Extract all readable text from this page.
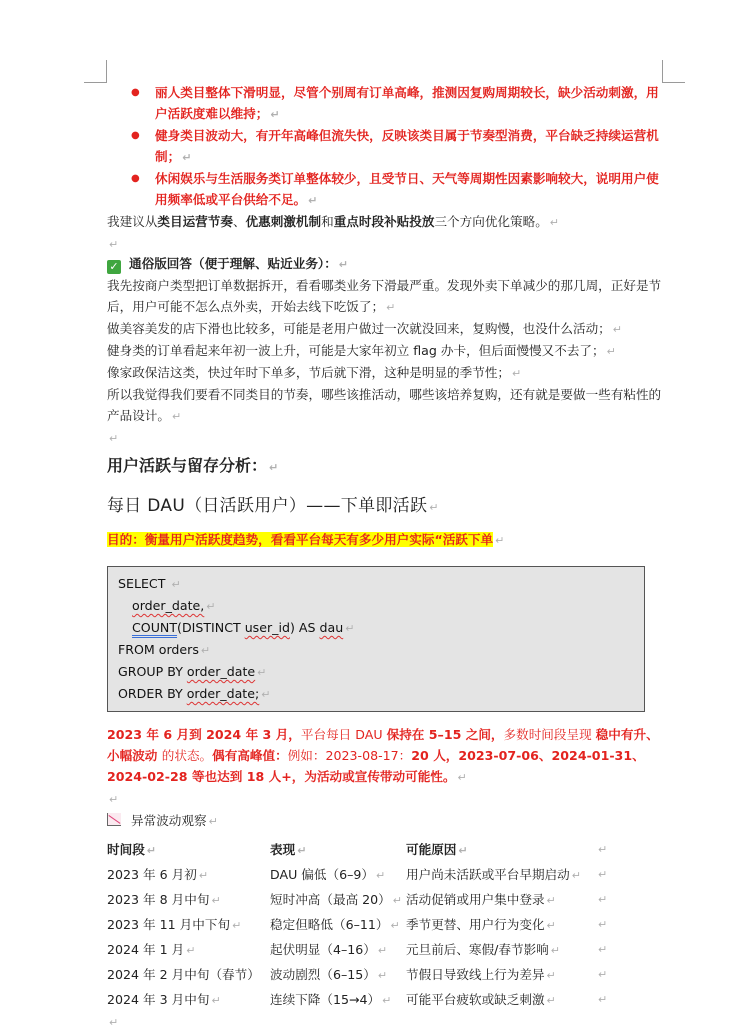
● 丽人类目整体下滑明显，尽管个别周有订单高峰，推测因复购周期较长，缺少活动刺激，用户活跃度难以维持； ↵
● 健身类目波动大，有开年高峰但流失快，反映该类目属于节奏型消费，平台缺乏持续运营机制； ↵
● 休闲娱乐与生活服务类订单整体较少，且受节日、天气等周期性因素影响较大，说明用户使用频率低或平台供给不足。 ↵
我建议从类目运营节奏、优惠刺激机制和重点时段补贴投放三个方向优化策略。 ↵
↵
✓ 通俗版回答（便于理解、贴近业务）： ↵
我先按商户类型把订单数据拆开，看看哪类业务下滑最严重。发现外卖下单减少的那几周，正好是节后，用户可能不怎么点外卖，开始去线下吃饭了； ↵
做美容美发的店下滑也比较多，可能是老用户做过一次就没回来，复购慢，也没什么活动； ↵
健身类的订单看起来年初一波上升，可能是大家年初立 flag 办卡，但后面慢慢又不去了； ↵
像家政保洁这类，快过年时下单多，节后就下滑，这种是明显的季节性； ↵
所以我觉得我们要看不同类目的节奏，哪些该推活动，哪些该培养复购，还有就是要做一些有粘性的产品设计。 ↵
↵
用户活跃与留存分析： ↵
每日 DAU（日活跃用户）——下单即活跃 ↵
目的：衡量用户活跃度趋势，看看平台每天有多少用户实际“活跃下单 ↵
SELECT ↵
order_date, ↵
COUNT(DISTINCT user_id) AS dau ↵
FROM orders ↵
GROUP BY order_date ↵
ORDER BY order_date; ↵
2023 年 6 月到 2024 年 3 月，平台每日 DAU 保持在 5–15 之间，多数时间段呈现 稳中有升、小幅波动 的状态。偶有高峰值：例如：2023-08-17：20 人，2023-07-06、2024-01-31、2024-02-28 等也达到 18 人+，为活动或宣传带动可能性。 ↵
↵
异常波动观察 ↵
时间段 ↵	表现 ↵	可能原因 ↵	↵
2023 年 6 月初 ↵	DAU 偏低（6–9） ↵	用户尚未活跃或平台早期启动 ↵	↵
2023 年 8 月中旬 ↵	短时冲高（最高 20） ↵	活动促销或用户集中登录 ↵	↵
2023 年 11 月中下旬 ↵	稳定但略低（6–11） ↵	季节更替、用户行为变化 ↵	↵
2024 年 1 月 ↵	起伏明显（4–16） ↵	元旦前后、寒假/春节影响 ↵	↵
2024 年 2 月中旬（春节）	波动剧烈（6–15） ↵	节假日导致线上行为差异 ↵	↵
2024 年 3 月中旬 ↵	连续下降（15→4） ↵	可能平台疲软或缺乏刺激 ↵	↵
↵
